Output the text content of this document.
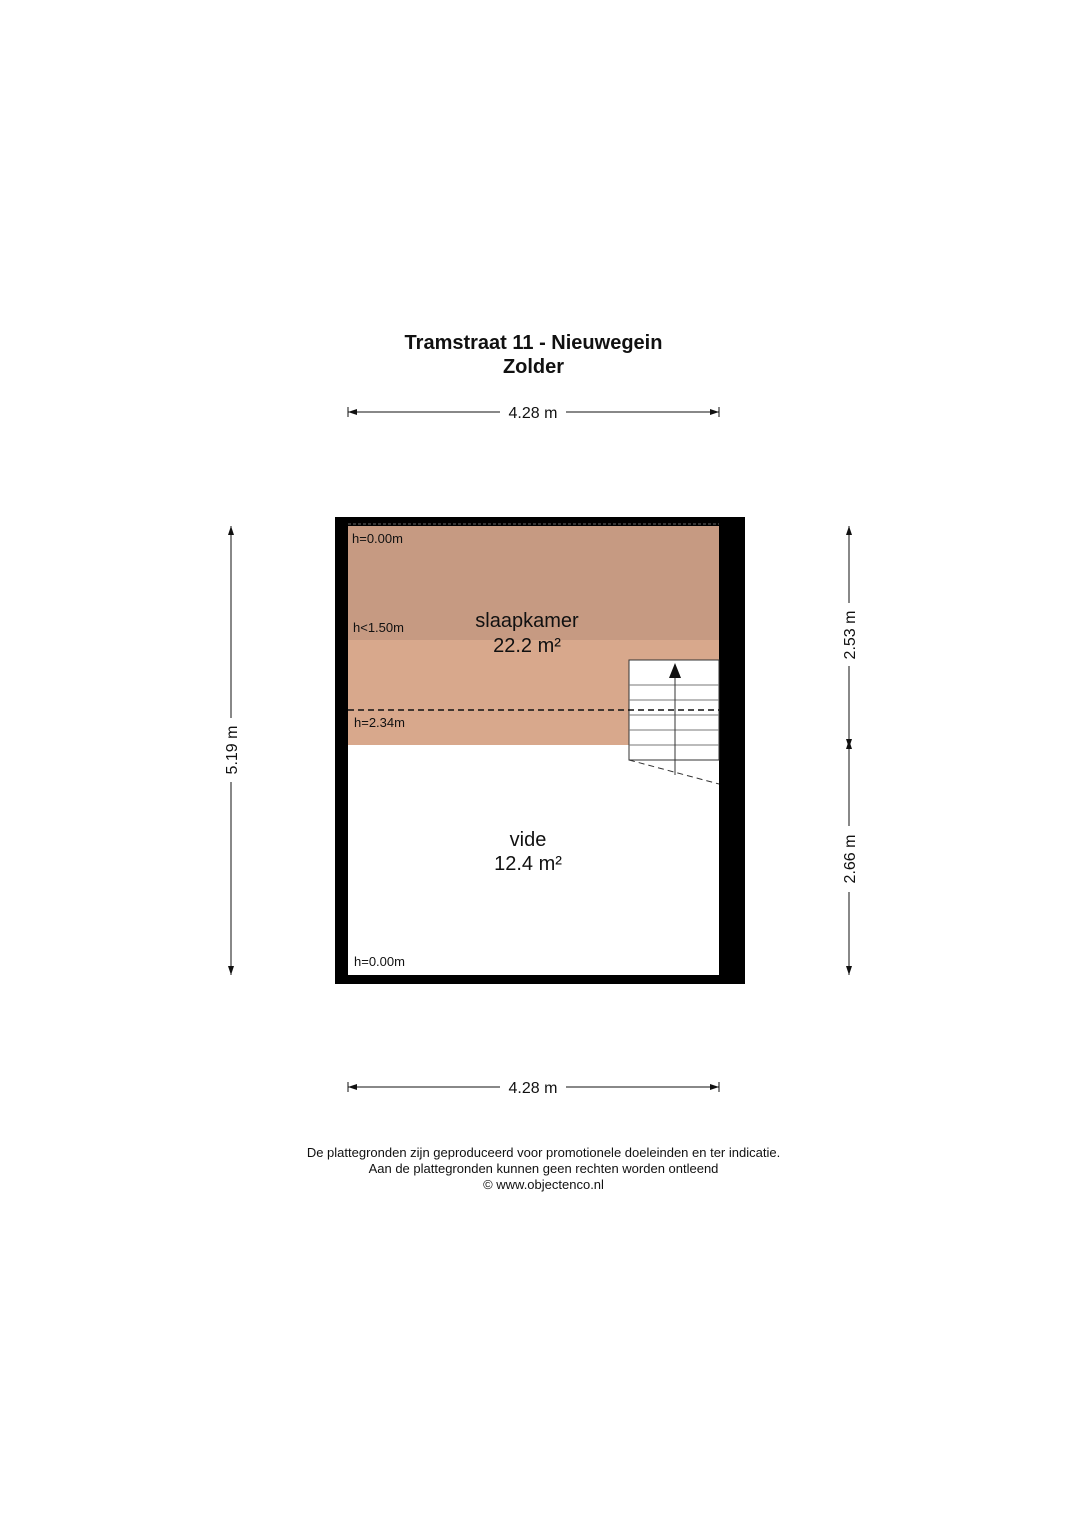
Tramstraat 11 - Nieuwegein
Zolder
4.28 m
5.19 m
2.53 m
2.66 m
h=0.00m
h<1.50m
h=2.34m
h=0.00m
slaapkamer
22.2 m²
vide
12.4 m²
4.28 m
De plattegronden zijn geproduceerd voor promotionele doeleinden en ter indicatie.
Aan de plattegronden kunnen geen rechten worden ontleend
© www.objectenco.nl
